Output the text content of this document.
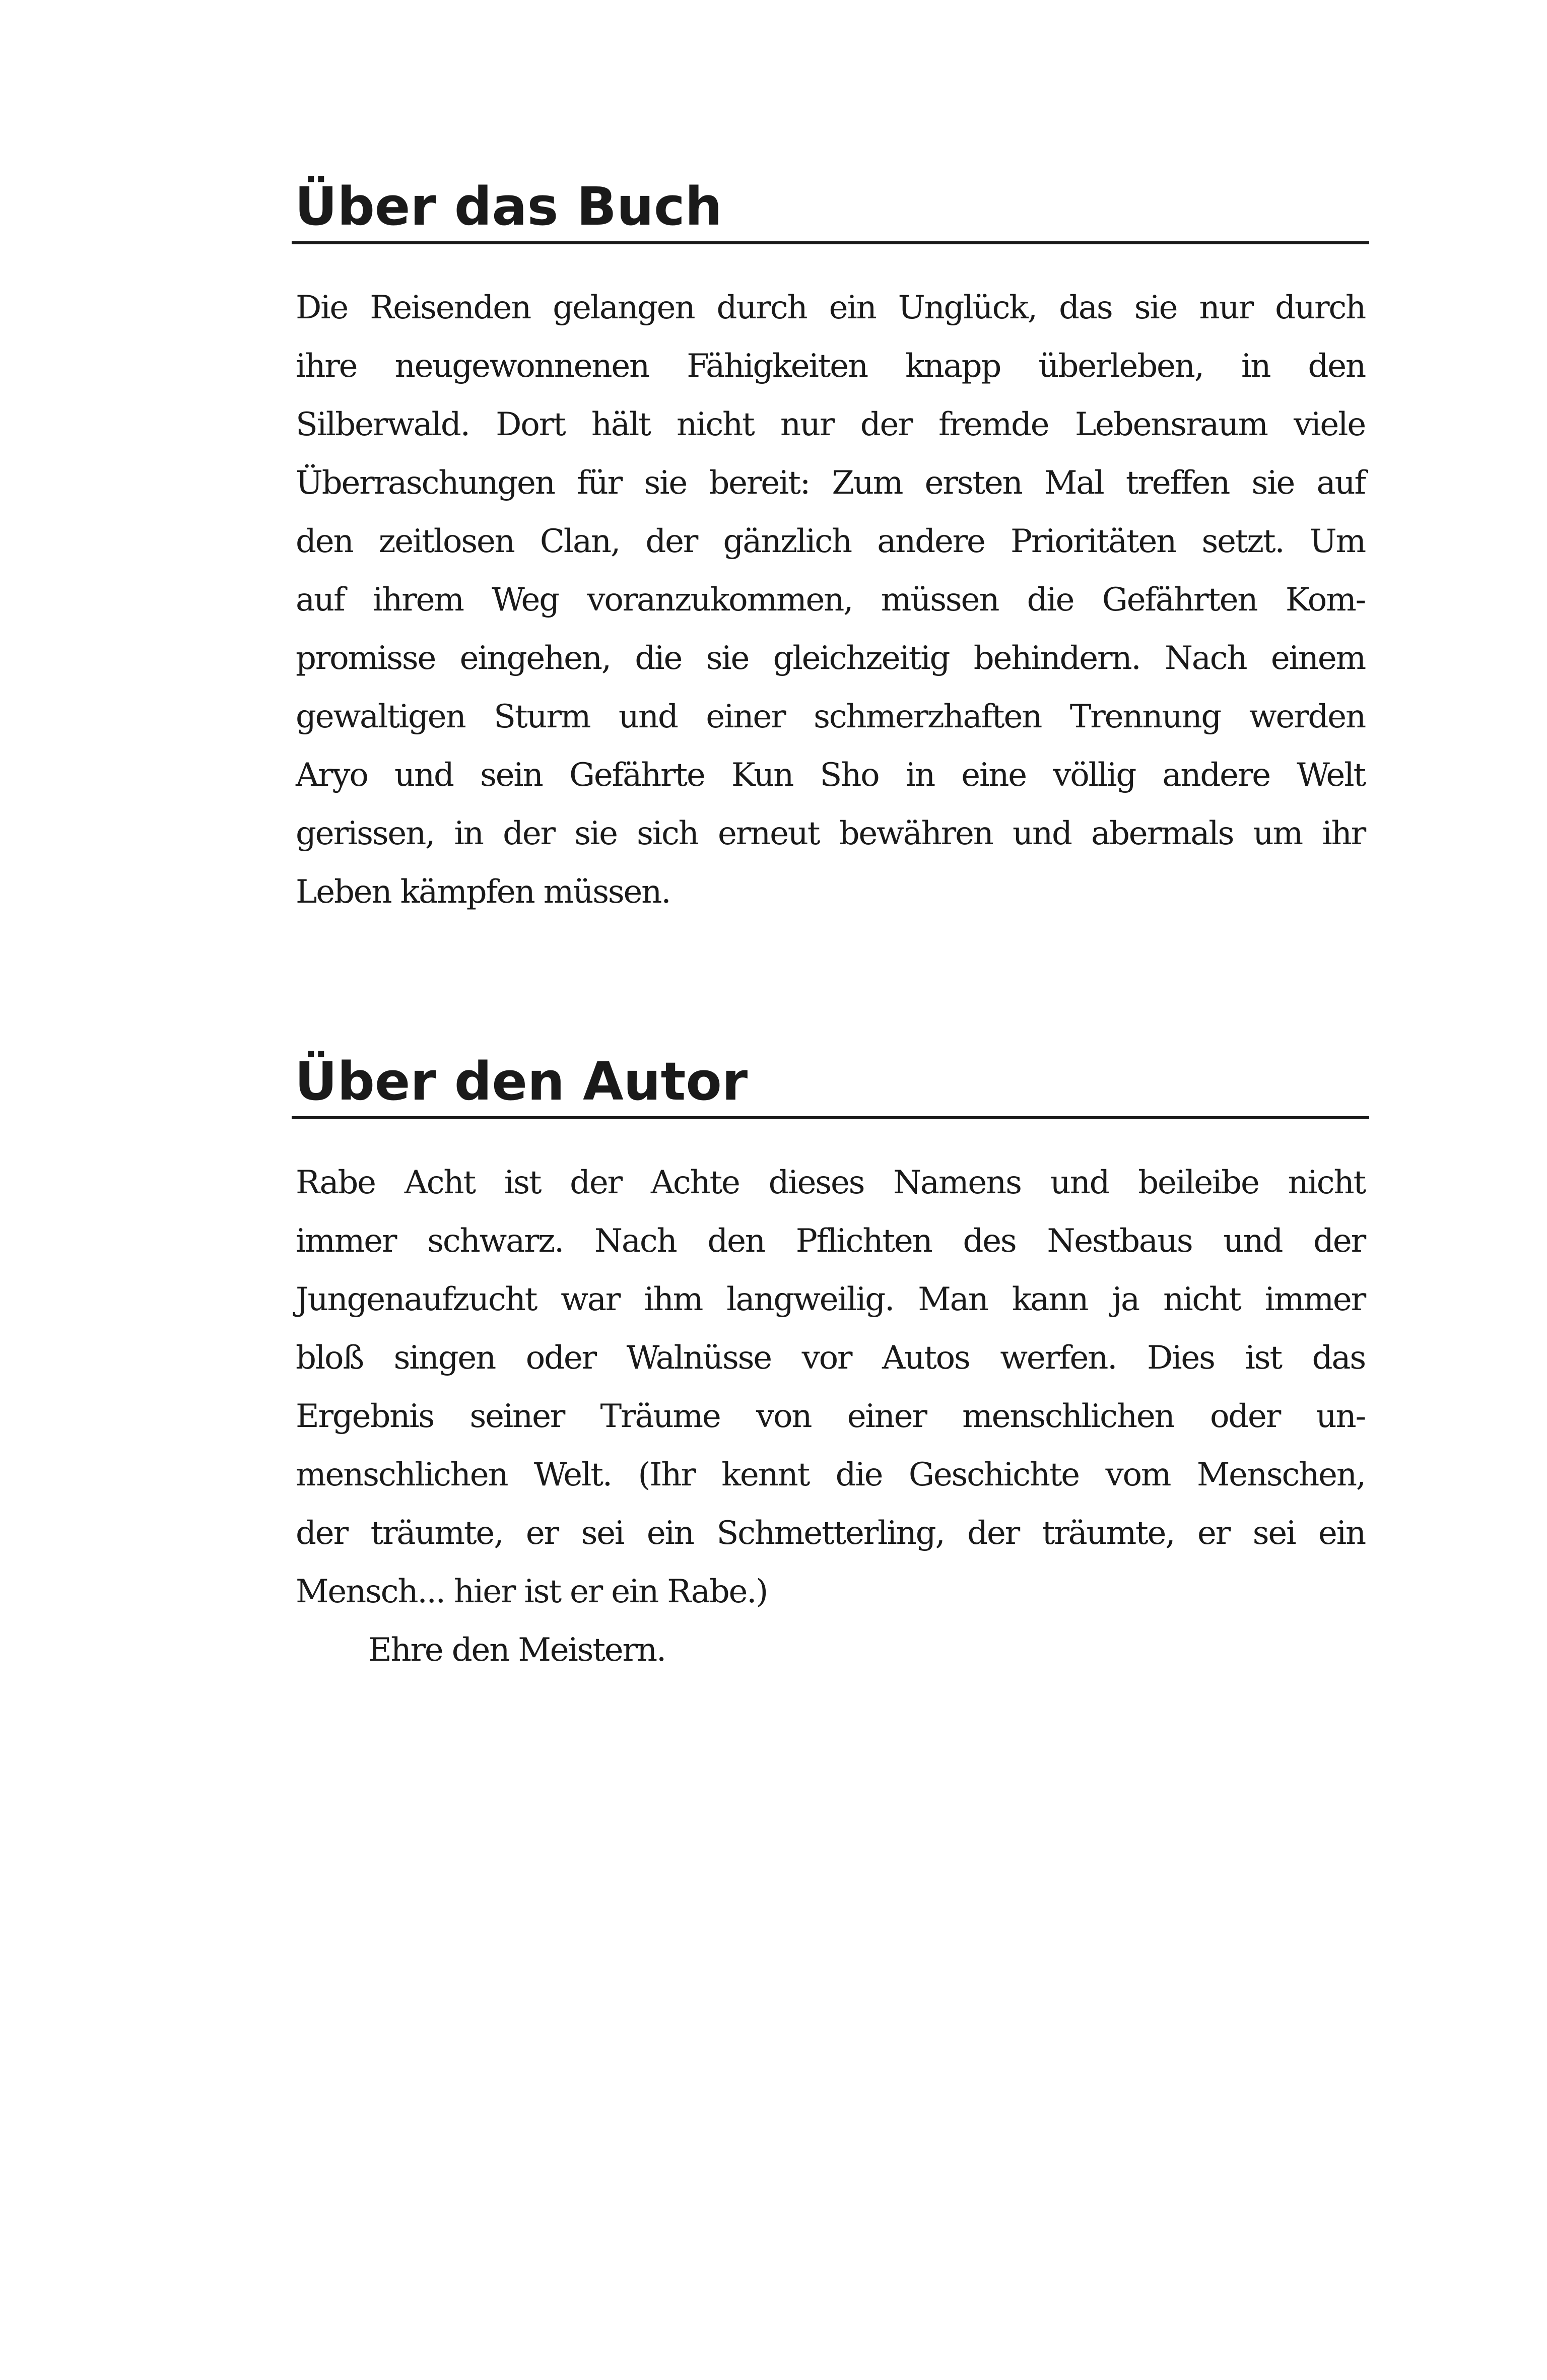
Über das Buch
Die Reisenden gelangen durch ein Unglück, das sie nur durch
ihre neugewonnenen Fähigkeiten knapp überleben, in den
Silberwald. Dort hält nicht nur der fremde Lebensraum viele
Überraschungen für sie bereit: Zum ersten Mal treffen sie auf
den zeitlosen Clan, der gänzlich andere Prioritäten setzt. Um
auf ihrem Weg voranzukommen, müssen die Gefährten Kom-
promisse eingehen, die sie gleichzeitig behindern. Nach einem
gewaltigen Sturm und einer schmerzhaften Trennung werden
Aryo und sein Gefährte Kun Sho in eine völlig andere Welt
gerissen, in der sie sich erneut bewähren und abermals um ihr
Leben kämpfen müssen.
Über den Autor
Rabe Acht ist der Achte dieses Namens und beileibe nicht
immer schwarz. Nach den Pflichten des Nestbaus und der
Jungenaufzucht war ihm langweilig. Man kann ja nicht immer
bloß singen oder Walnüsse vor Autos werfen. Dies ist das
Ergebnis seiner Träume von einer menschlichen oder un-
menschlichen Welt. (Ihr kennt die Geschichte vom Menschen,
der träumte, er sei ein Schmetterling, der träumte, er sei ein
Mensch... hier ist er ein Rabe.)
Ehre den Meistern.
